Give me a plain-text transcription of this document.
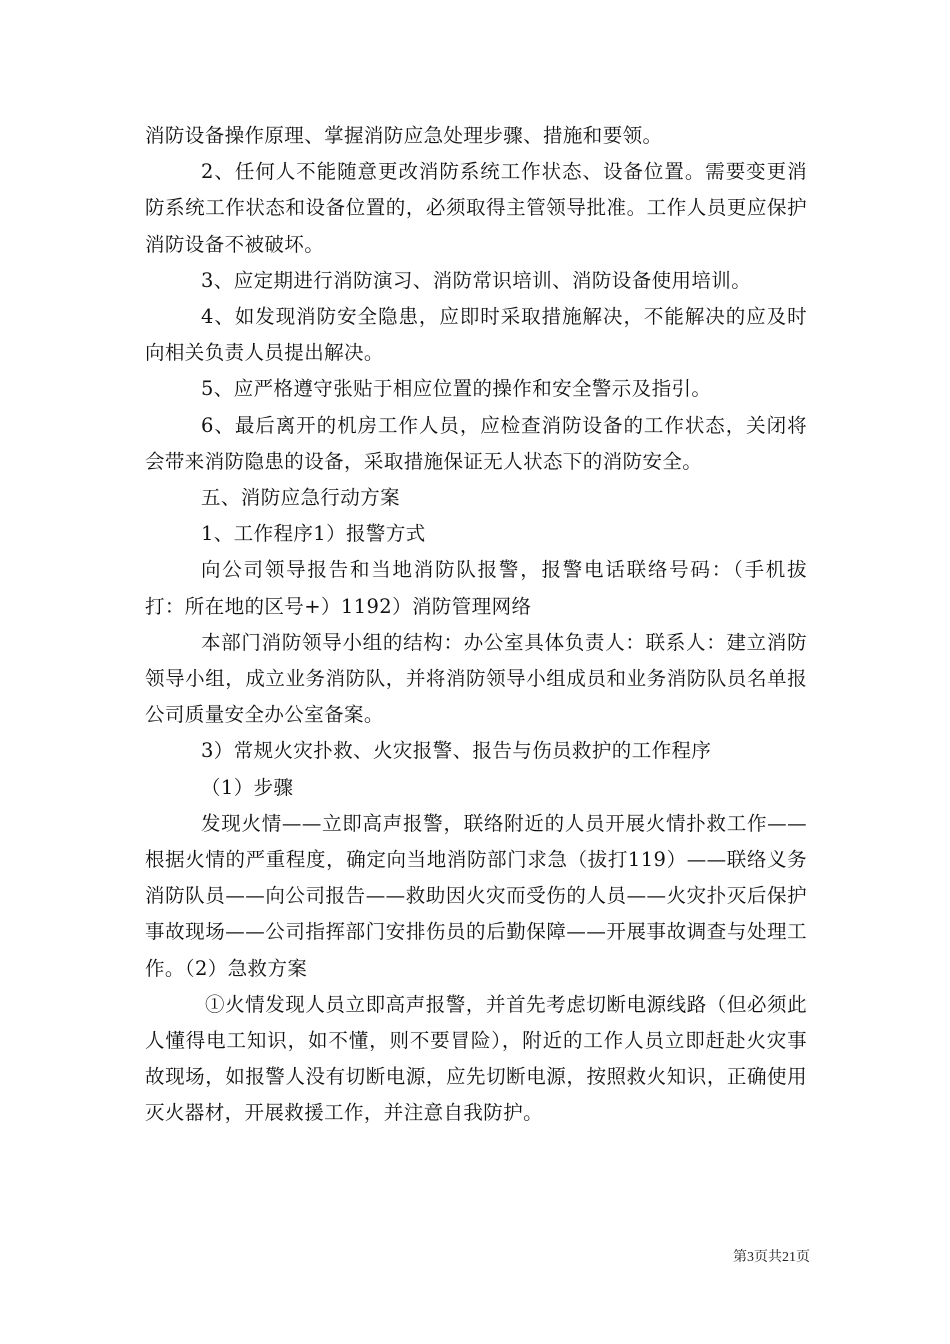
消防设备操作原理、掌握消防应急处理步骤、措施和要领。

2、任何人不能随意更改消防系统工作状态、设备位置。需要变更消防系统工作状态和设备位置的，必须取得主管领导批准。工作人员更应保护消防设备不被破坏。

3、应定期进行消防演习、消防常识培训、消防设备使用培训。

4、如发现消防安全隐患，应即时采取措施解决，不能解决的应及时向相关负责人员提出解决。

5、应严格遵守张贴于相应位置的操作和安全警示及指引。

6、最后离开的机房工作人员，应检查消防设备的工作状态，关闭将会带来消防隐患的设备，采取措施保证无人状态下的消防安全。

五、消防应急行动方案

1、工作程序1）报警方式

向公司领导报告和当地消防队报警，报警电话联络号码：（手机拔打：所在地的区号+）1192）消防管理网络

本部门消防领导小组的结构：办公室具体负责人：联系人：建立消防领导小组，成立业务消防队，并将消防领导小组成员和业务消防队员名单报公司质量安全办公室备案。

3）常规火灾扑救、火灾报警、报告与伤员救护的工作程序

（1）步骤

发现火情——立即高声报警，联络附近的人员开展火情扑救工作——根据火情的严重程度，确定向当地消防部门求急（拔打119）——联络义务消防队员——向公司报告——救助因火灾而受伤的人员——火灾扑灭后保护事故现场——公司指挥部门安排伤员的后勤保障——开展事故调查与处理工作。（2）急救方案

①火情发现人员立即高声报警，并首先考虑切断电源线路（但必须此人懂得电工知识，如不懂，则不要冒险），附近的工作人员立即赶赴火灾事故现场，如报警人没有切断电源，应先切断电源，按照救火知识，正确使用灭火器材，开展救援工作，并注意自我防护。

第3页共21页
